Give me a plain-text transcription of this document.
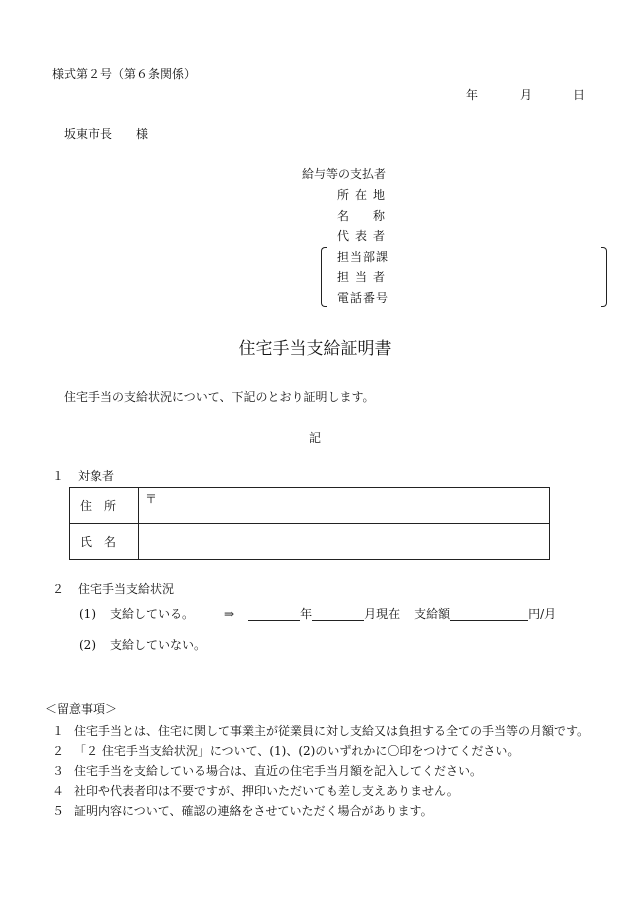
様式第２号（第６条関係）
年	月	日
坂東市長　　様
給与等の支払者
所在地
名称
代表者
担当部課
担当者
電話番号
住宅手当支給証明書
住宅手当の支給状況について、下記のとおり証明します。
記
１ 対象者
住所	〒
氏名	
２ 住宅手当支給状況
(1) 支給している。	⇒	年	月現在 支給額	円/月
(2) 支給していない。
＜留意事項＞
１ 住宅手当とは、住宅に関して事業主が従業員に対し支給又は負担する全ての手当等の月額です。
２ 「２ 住宅手当支給状況」について、(1)、(2)のいずれかに〇印をつけてください。
３ 住宅手当を支給している場合は、直近の住宅手当月額を記入してください。
４ 社印や代表者印は不要ですが、押印いただいても差し支えありません。
５ 証明内容について、確認の連絡をさせていただく場合があります。
